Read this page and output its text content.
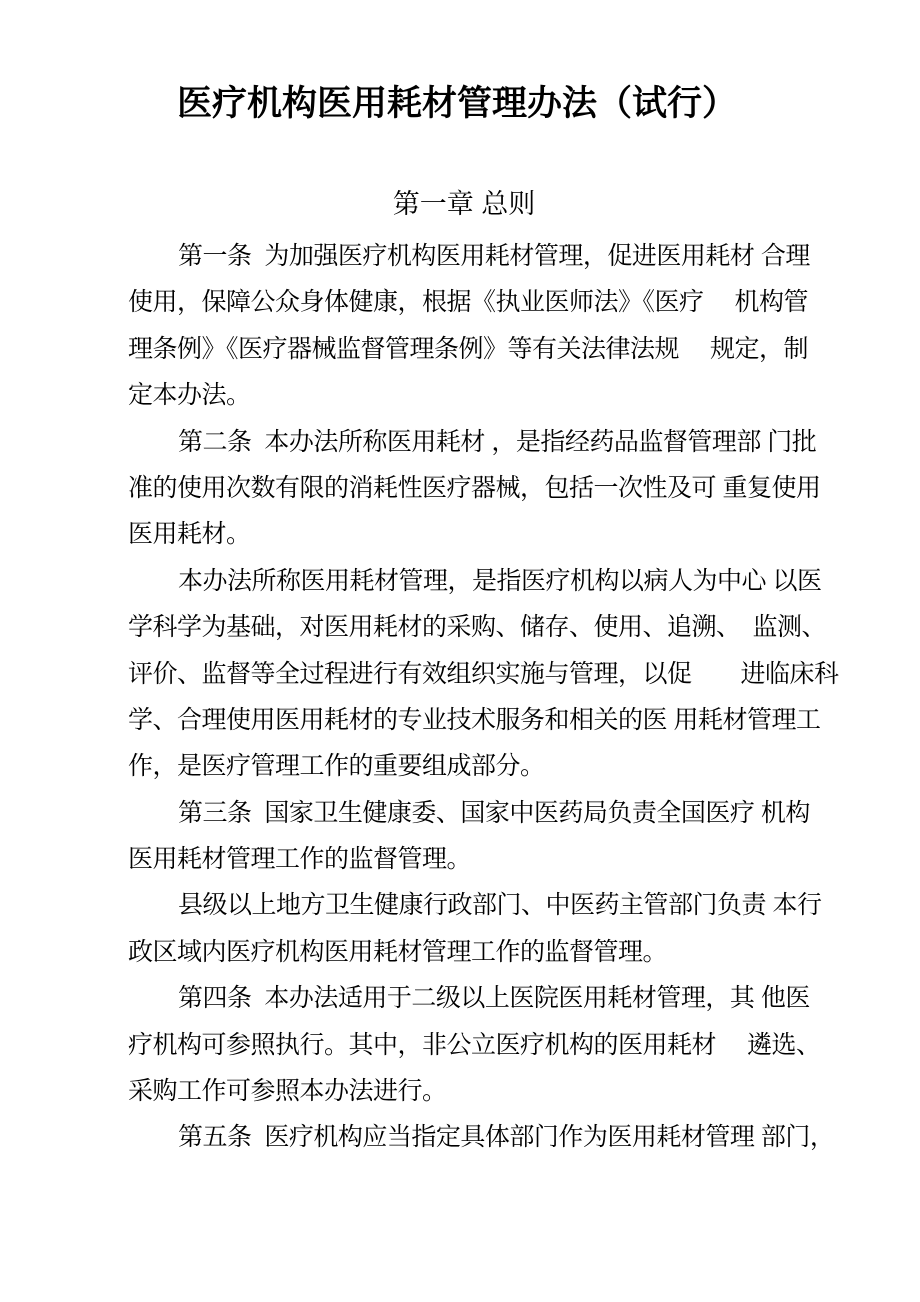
医疗机构医用耗材管理办法（试行）
第一章 总则
第一条  为加强医疗机构医用耗材管理，促进医用耗材 合理
使用，保障公众身体健康，根据《执业医师法》《医疗　 机构管
理条例》《医疗器械监督管理条例》等有关法律法规　 规定，制
定本办法。
第二条  本办法所称医用耗材 ，是指经药品监督管理部 门批
准的使用次数有限的消耗性医疗器械，包括一次性及可 重复使用
医用耗材。
本办法所称医用耗材管理，是指医疗机构以病人为中心 以医
学科学为基础，对医用耗材的采购、储存、使用、追溯、　监测、
评价、监督等全过程进行有效组织实施与管理，以促　　进临床科
学、合理使用医用耗材的专业技术服务和相关的医 用耗材管理工
作，是医疗管理工作的重要组成部分。
第三条  国家卫生健康委、国家中医药局负责全国医疗 机构
医用耗材管理工作的监督管理。
县级以上地方卫生健康行政部门、中医药主管部门负责 本行
政区域内医疗机构医用耗材管理工作的监督管理。
第四条  本办法适用于二级以上医院医用耗材管理，其 他医
疗机构可参照执行。其中，非公立医疗机构的医用耗材　 遴选、
采购工作可参照本办法进行。
第五条  医疗机构应当指定具体部门作为医用耗材管理 部门，
